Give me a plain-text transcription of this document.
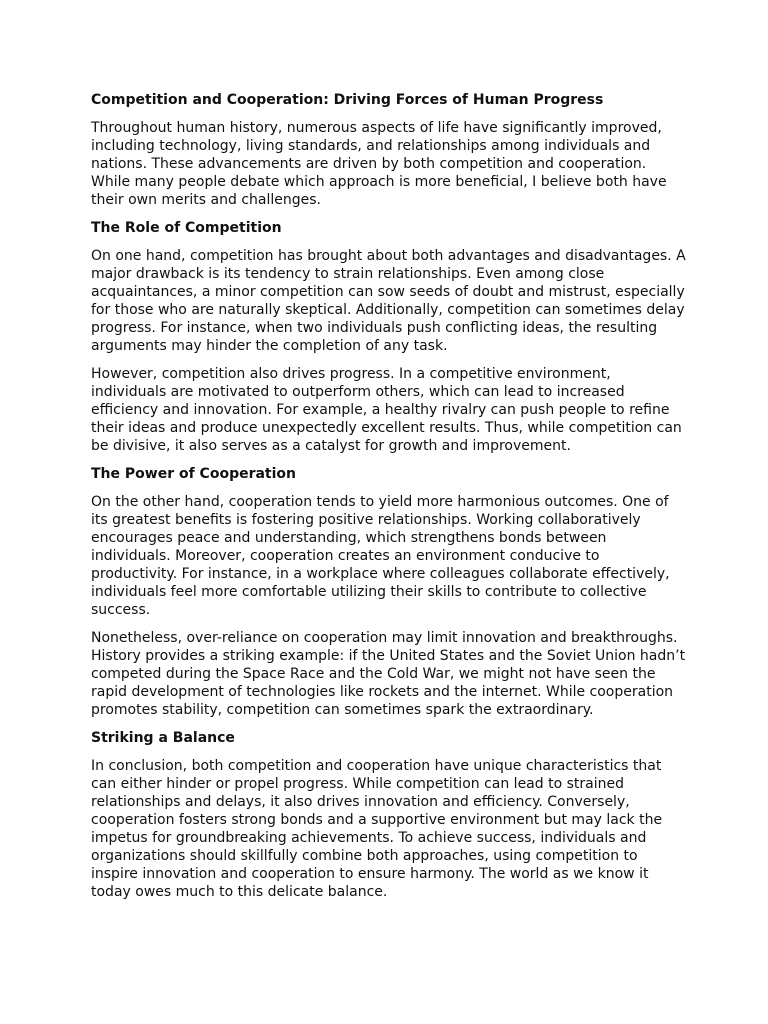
Competition and Cooperation: Driving Forces of Human Progress

Throughout human history, numerous aspects of life have significantly improved, including technology, living standards, and relationships among individuals and nations. These advancements are driven by both competition and cooperation. While many people debate which approach is more beneficial, I believe both have their own merits and challenges.

The Role of Competition

On one hand, competition has brought about both advantages and disadvantages. A major drawback is its tendency to strain relationships. Even among close acquaintances, a minor competition can sow seeds of doubt and mistrust, especially for those who are naturally skeptical. Additionally, competition can sometimes delay progress. For instance, when two individuals push conflicting ideas, the resulting arguments may hinder the completion of any task.

However, competition also drives progress. In a competitive environment, individuals are motivated to outperform others, which can lead to increased efficiency and innovation. For example, a healthy rivalry can push people to refine their ideas and produce unexpectedly excellent results. Thus, while competition can be divisive, it also serves as a catalyst for growth and improvement.

The Power of Cooperation

On the other hand, cooperation tends to yield more harmonious outcomes. One of its greatest benefits is fostering positive relationships. Working collaboratively encourages peace and understanding, which strengthens bonds between individuals. Moreover, cooperation creates an environment conducive to productivity. For instance, in a workplace where colleagues collaborate effectively, individuals feel more comfortable utilizing their skills to contribute to collective success.

Nonetheless, over-reliance on cooperation may limit innovation and breakthroughs. History provides a striking example: if the United States and the Soviet Union hadn’t competed during the Space Race and the Cold War, we might not have seen the rapid development of technologies like rockets and the internet. While cooperation promotes stability, competition can sometimes spark the extraordinary.

Striking a Balance

In conclusion, both competition and cooperation have unique characteristics that can either hinder or propel progress. While competition can lead to strained relationships and delays, it also drives innovation and efficiency. Conversely, cooperation fosters strong bonds and a supportive environment but may lack the impetus for groundbreaking achievements. To achieve success, individuals and organizations should skillfully combine both approaches, using competition to inspire innovation and cooperation to ensure harmony. The world as we know it today owes much to this delicate balance.
